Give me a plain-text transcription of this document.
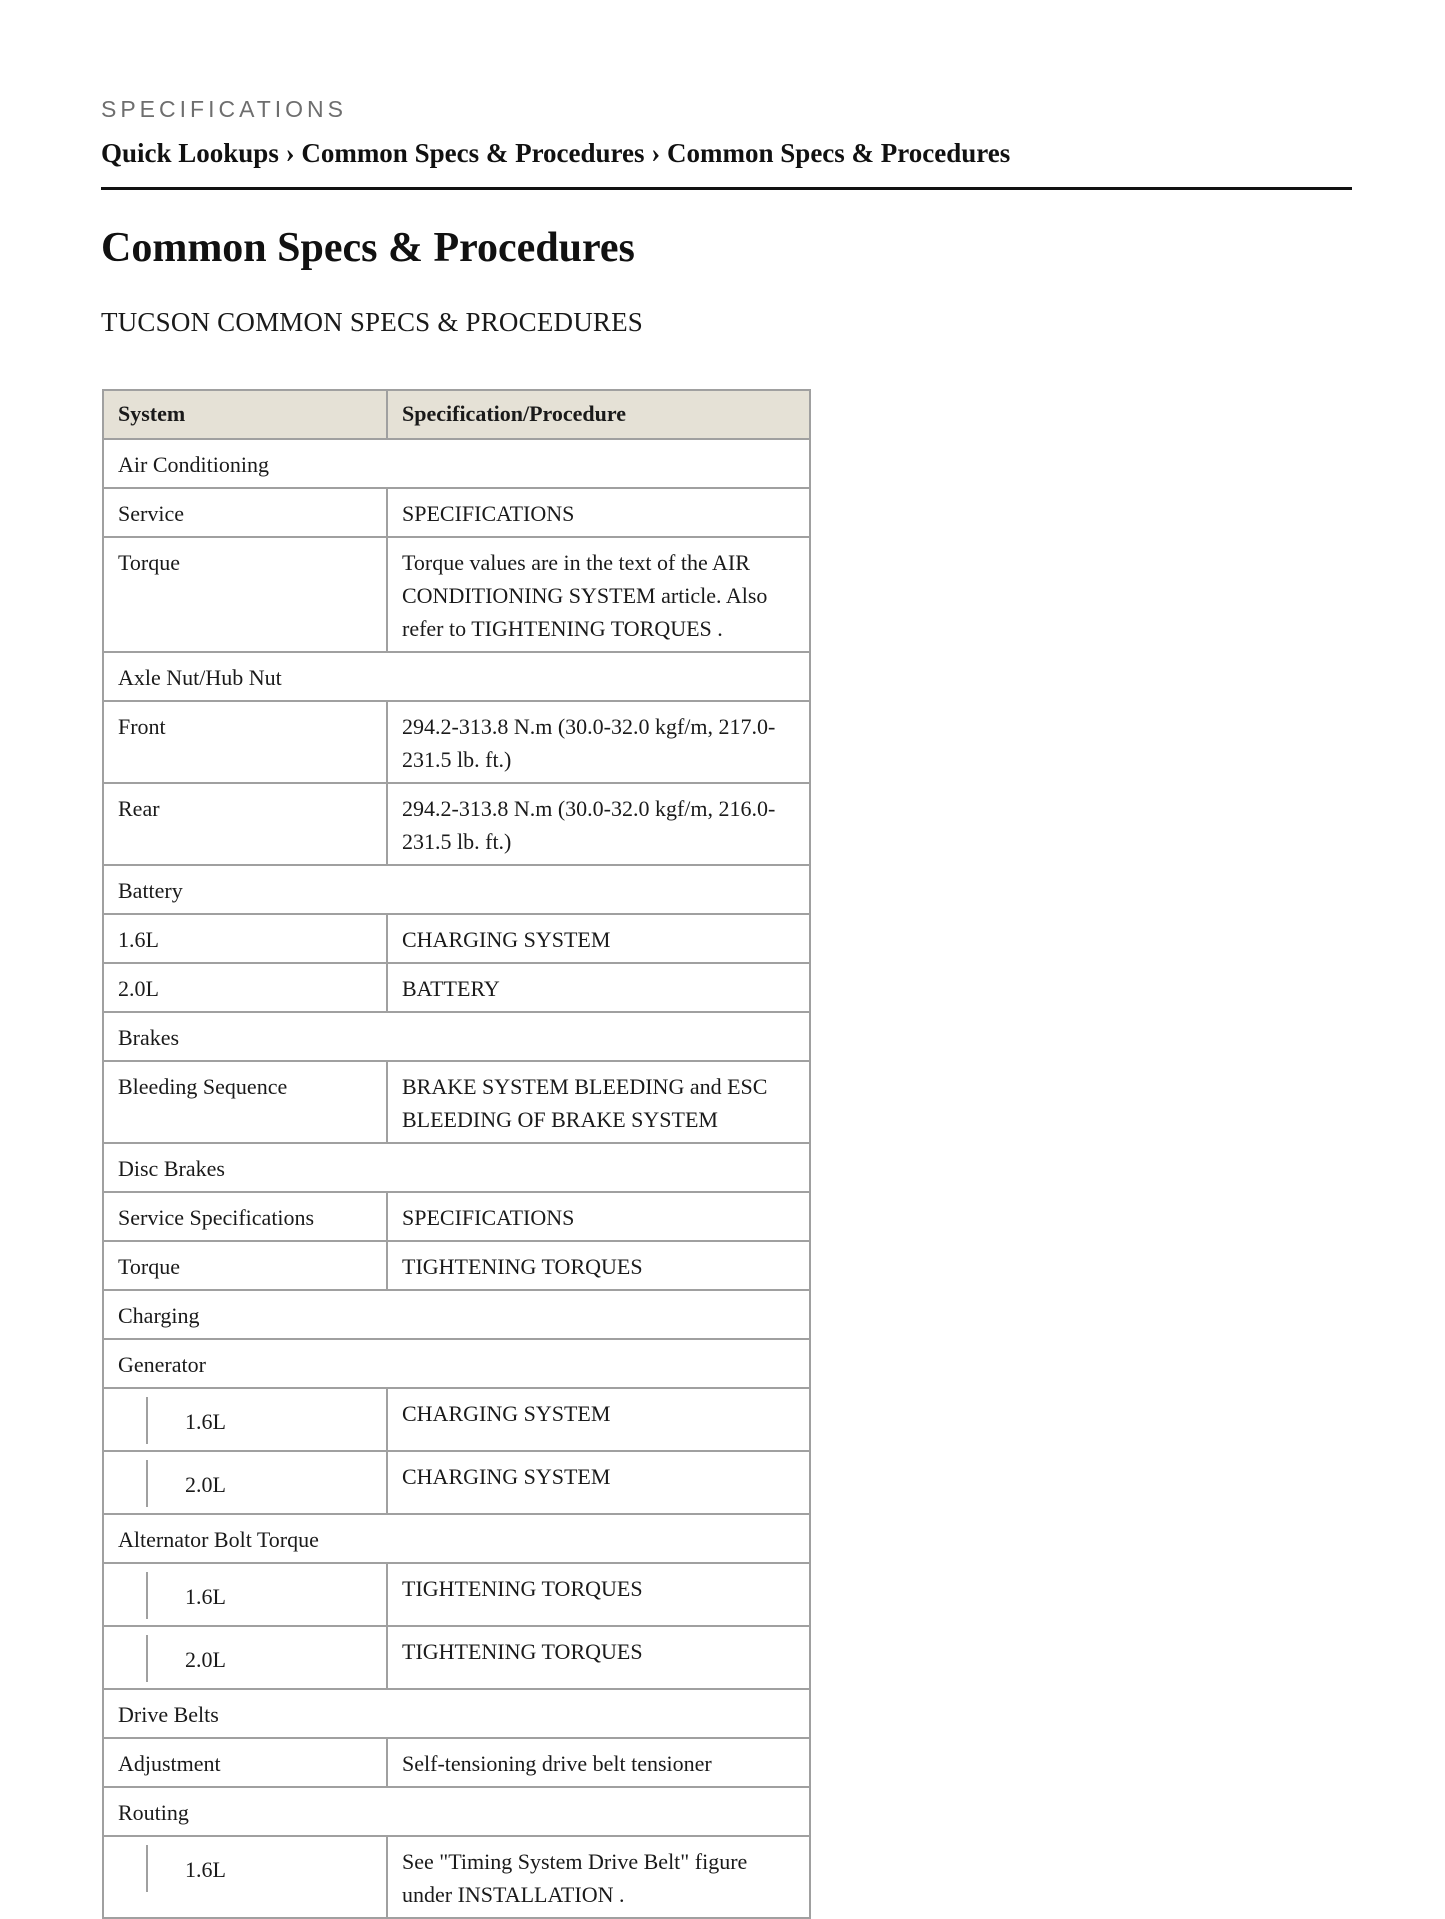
SPECIFICATIONS
Quick Lookups › Common Specs & Procedures › Common Specs & Procedures
Common Specs & Procedures
TUCSON COMMON SPECS & PROCEDURES
System	Specification/Procedure
Air Conditioning	
Service	SPECIFICATIONS
Torque	Torque values are in the text of the AIR CONDITIONING SYSTEM article. Also refer to TIGHTENING TORQUES .
Axle Nut/Hub Nut	
Front	294.2-313.8 N.m (30.0-32.0 kgf/m, 217.0-231.5 lb. ft.)
Rear	294.2-313.8 N.m (30.0-32.0 kgf/m, 216.0-231.5 lb. ft.)
Battery	
1.6L	CHARGING SYSTEM
2.0L	BATTERY
Brakes	
Bleeding Sequence	BRAKE SYSTEM BLEEDING and ESC BLEEDING OF BRAKE SYSTEM
Disc Brakes	
Service Specifications	SPECIFICATIONS
Torque	TIGHTENING TORQUES
Charging	
Generator	

1.6L	CHARGING SYSTEM

2.0L	CHARGING SYSTEM
Alternator Bolt Torque	

1.6L	TIGHTENING TORQUES

2.0L	TIGHTENING TORQUES
Drive Belts	
Adjustment	Self-tensioning drive belt tensioner
Routing	

1.6L	See "Timing System Drive Belt" figure under INSTALLATION .
